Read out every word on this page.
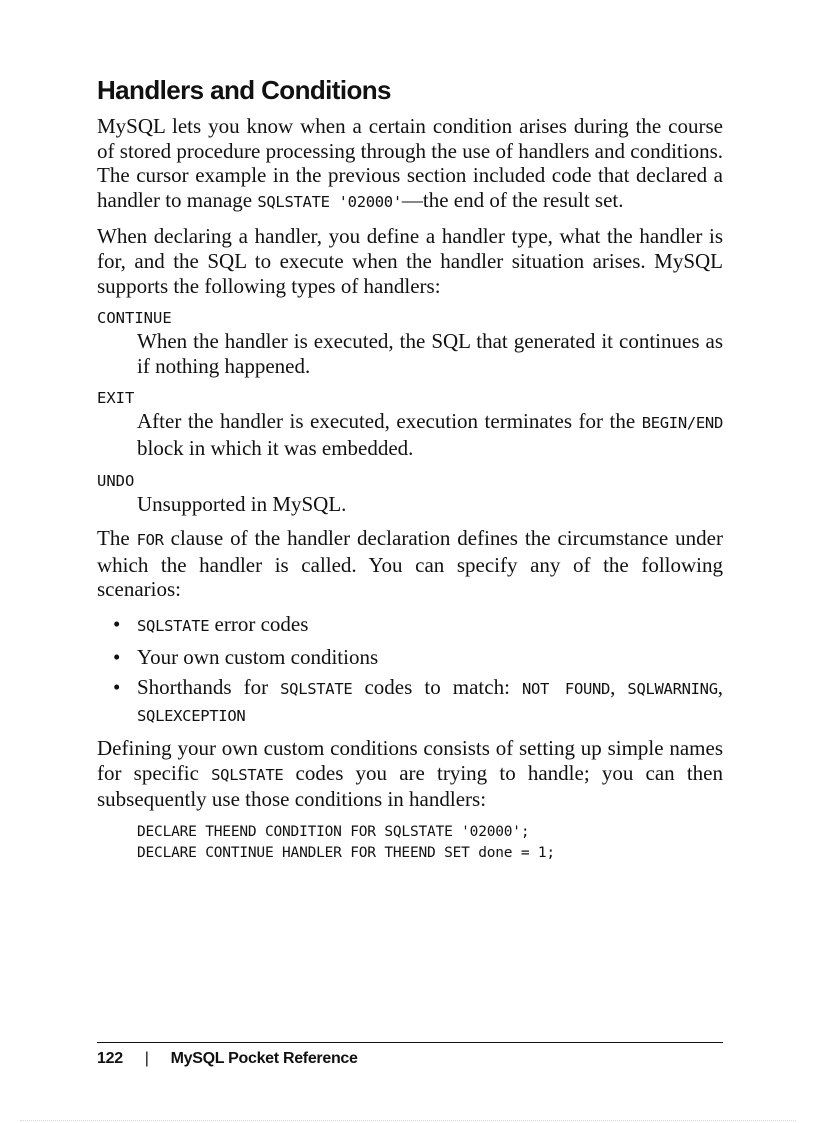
Handlers and Conditions

MySQL lets you know when a certain condition arises during the course of stored procedure processing through the use of handlers and conditions. The cursor example in the previous section included code that declared a handler to manage SQLSTATE '02000'—the end of the result set.

When declaring a handler, you define a handler type, what the handler is for, and the SQL to execute when the handler situation arises. MySQL supports the following types of handlers:

CONTINUE
When the handler is executed, the SQL that generated it continues as if nothing happened.
EXIT
After the handler is executed, execution terminates for the BEGIN/END block in which it was embedded.
UNDO
Unsupported in MySQL.

The FOR clause of the handler declaration defines the circumstance under which the handler is called. You can specify any of the following scenarios:

• SQLSTATE error codes
• Your own custom conditions
• Shorthands for SQLSTATE codes to match: NOT FOUND, SQLWARNING, SQLEXCEPTION

Defining your own custom conditions consists of setting up simple names for specific SQLSTATE codes you are trying to handle; you can then subsequently use those conditions in handlers:

DECLARE THEEND CONDITION FOR SQLSTATE '02000';
DECLARE CONTINUE HANDLER FOR THEEND SET done = 1;
122 | MySQL Pocket Reference
